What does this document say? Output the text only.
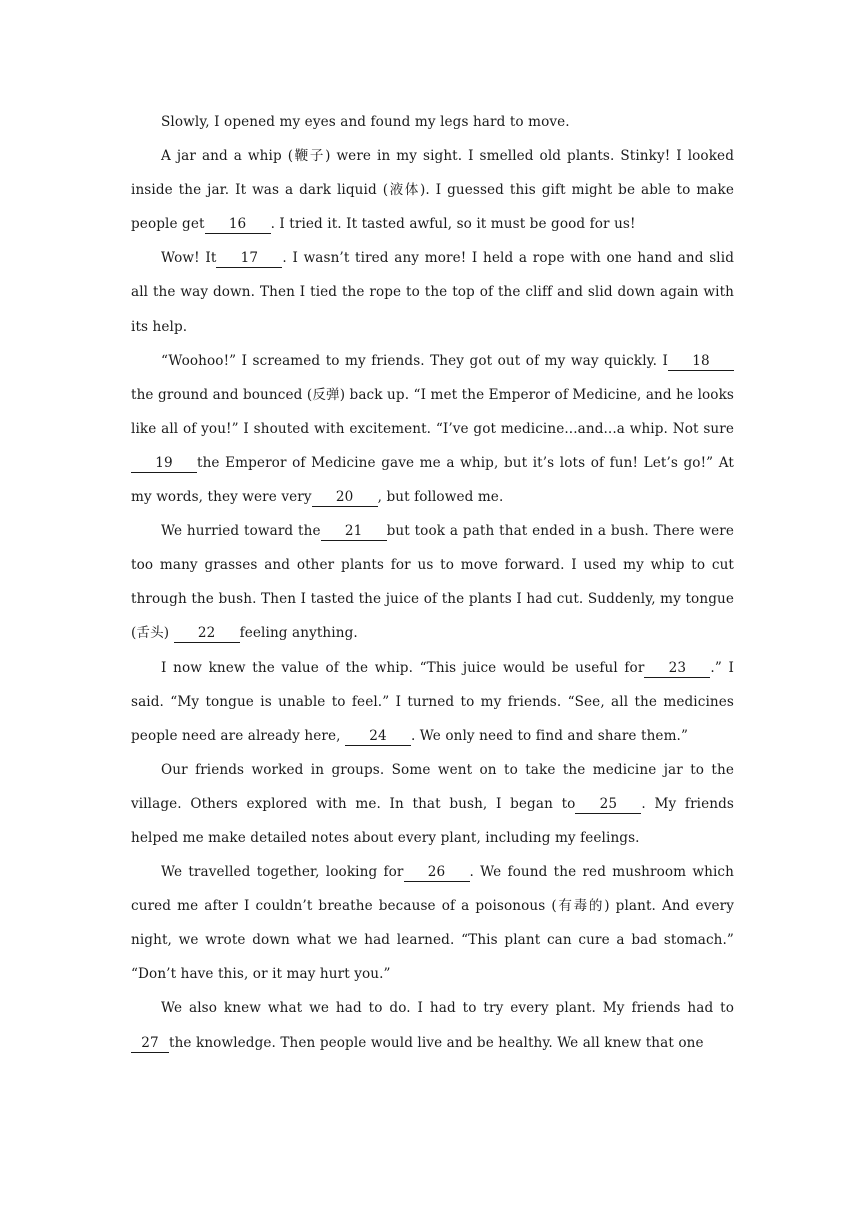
Slowly, I opened my eyes and found my legs hard to move.

A jar and a whip (鞭子) were in my sight. I smelled old plants. Stinky! I looked inside the jar. It was a dark liquid (液体). I guessed this gift might be able to make people get 16 . I tried it. It tasted awful, so it must be good for us!

Wow! It 17 . I wasn’t tired any more! I held a rope with one hand and slid all the way down. Then I tied the rope to the top of the cliff and slid down again with its help.

“Woohoo!” I screamed to my friends. They got out of my way quickly. I 18 the ground and bounced (反弹) back up. “I met the Emperor of Medicine, and he looks like all of you!” I shouted with excitement. “I’ve got medicine...and...a whip. Not sure19 the Emperor of Medicine gave me a whip, but it’s lots of fun! Let’s go!” At my words, they were very 20 , but followed me.

We hurried toward the 21 but took a path that ended in a bush. There were too many grasses and other plants for us to move forward. I used my whip to cut through the bush. Then I tasted the juice of the plants I had cut. Suddenly, my tongue (舌头) 22 feeling anything.

I now knew the value of the whip. “This juice would be useful for 23 .” I said. “My tongue is unable to feel.” I turned to my friends. “See, all the medicines people need are already here, 24 . We only need to find and share them.”

Our friends worked in groups. Some went on to take the medicine jar to the village. Others explored with me. In that bush, I began to 25 . My friends helped me make detailed notes about every plant, including my feelings.

We travelled together, looking for 26 . We found the red mushroom which cured me after I couldn’t breathe because of a poisonous (有毒的) plant. And every night, we wrote down what we had learned. “This plant can cure a bad stomach.” “Don’t have this, or it may hurt you.”

We also knew what we had to do. I had to try every plant. My friends had to 27 the knowledge. Then people would live and be healthy. We all knew that one
